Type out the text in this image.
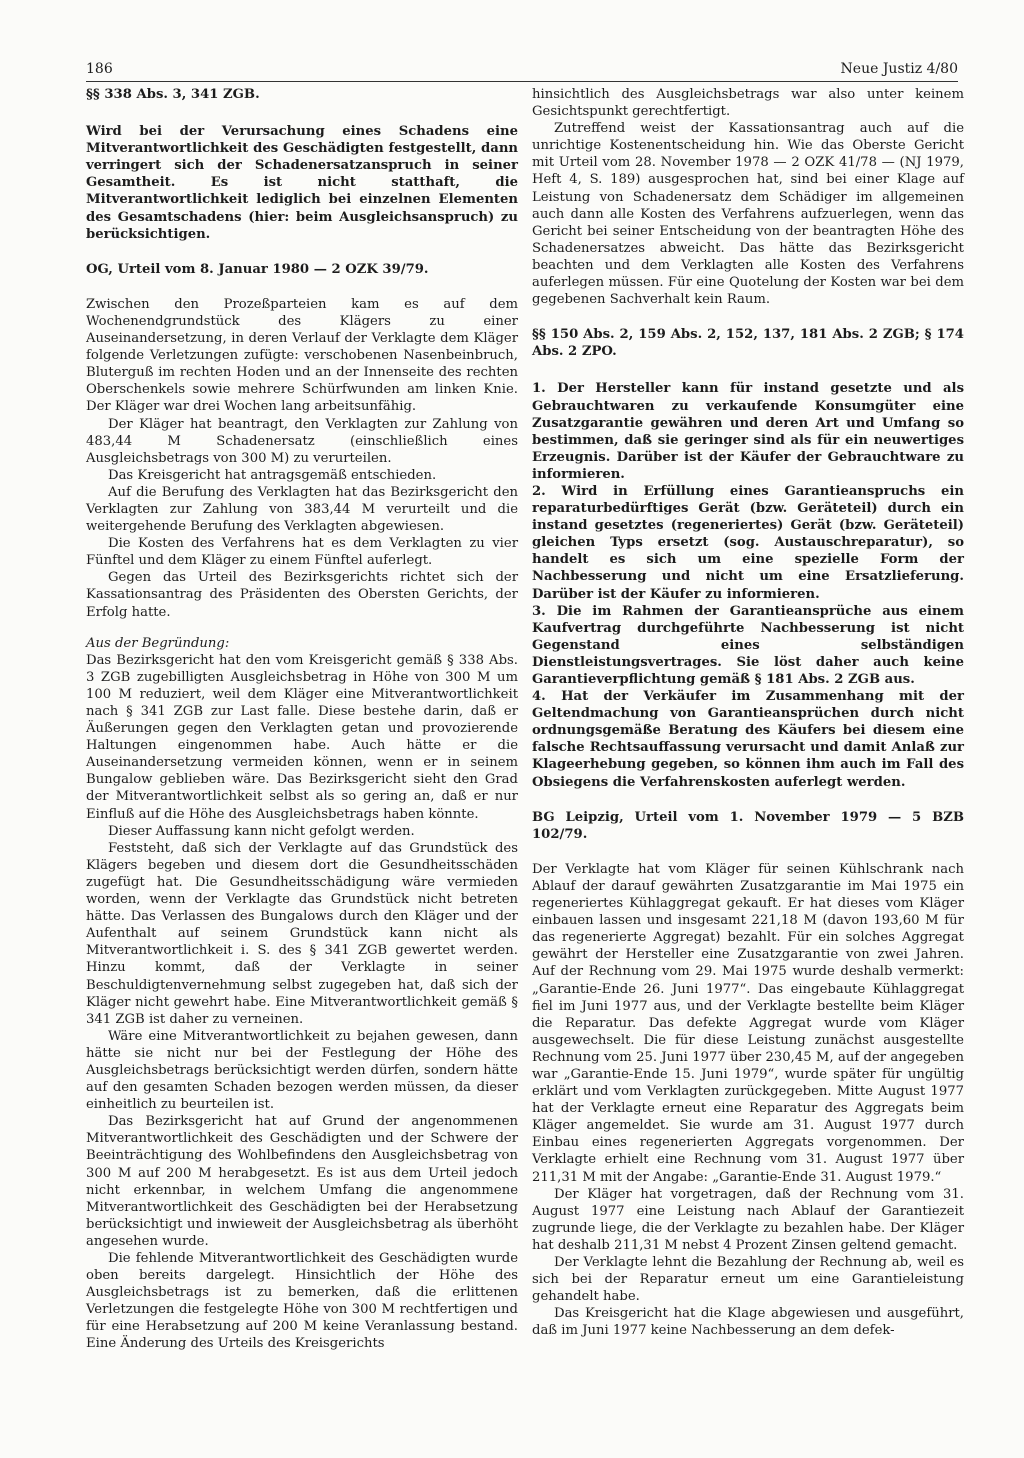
186	Neue Justiz 4/80

§§ 338 Abs. 3, 341 ZGB.

Wird bei der Verursachung eines Schadens eine Mitverantwortlichkeit des Geschädigten festgestellt, dann verringert sich der Schadenersatzanspruch in seiner Gesamtheit. Es ist nicht statthaft, die Mitverantwortlichkeit lediglich bei einzelnen Elementen des Gesamtschadens (hier: beim Ausgleichsanspruch) zu berücksichtigen.

OG, Urteil vom 8. Januar 1980 — 2 OZK 39/79.

Zwischen den Prozeßparteien kam es auf dem Wochenendgrundstück des Klägers zu einer Auseinandersetzung, in deren Verlauf der Verklagte dem Kläger folgende Verletzungen zufügte: verschobenen Nasenbeinbruch, Bluterguß im rechten Hoden und an der Innenseite des rechten Oberschenkels sowie mehrere Schürfwunden am linken Knie. Der Kläger war drei Wochen lang arbeitsunfähig.

Der Kläger hat beantragt, den Verklagten zur Zahlung von 483,44 M Schadenersatz (einschließlich eines Ausgleichsbetrags von 300 M) zu verurteilen.

Das Kreisgericht hat antragsgemäß entschieden.

Auf die Berufung des Verklagten hat das Bezirksgericht den Verklagten zur Zahlung von 383,44 M verurteilt und die weitergehende Berufung des Verklagten abgewiesen.

Die Kosten des Verfahrens hat es dem Verklagten zu vier Fünftel und dem Kläger zu einem Fünftel auferlegt.

Gegen das Urteil des Bezirksgerichts richtet sich der Kassationsantrag des Präsidenten des Obersten Gerichts, der Erfolg hatte.

Aus der Begründung:

Das Bezirksgericht hat den vom Kreisgericht gemäß § 338 Abs. 3 ZGB zugebilligten Ausgleichsbetrag in Höhe von 300 M um 100 M reduziert, weil dem Kläger eine Mitverantwortlichkeit nach § 341 ZGB zur Last falle. Diese bestehe darin, daß er Äußerungen gegen den Verklagten getan und provozierende Haltungen eingenommen habe. Auch hätte er die Auseinandersetzung vermeiden können, wenn er in seinem Bungalow geblieben wäre. Das Bezirksgericht sieht den Grad der Mitverantwortlichkeit selbst als so gering an, daß er nur Einfluß auf die Höhe des Ausgleichsbetrags haben könnte.

Dieser Auffassung kann nicht gefolgt werden.

Feststeht, daß sich der Verklagte auf das Grundstück des Klägers begeben und diesem dort die Gesundheitsschäden zugefügt hat. Die Gesundheitsschädigung wäre vermieden worden, wenn der Verklagte das Grundstück nicht betreten hätte. Das Verlassen des Bungalows durch den Kläger und der Aufenthalt auf seinem Grundstück kann nicht als Mitverantwortlichkeit i. S. des § 341 ZGB gewertet werden. Hinzu kommt, daß der Verklagte in seiner Beschuldigtenvernehmung selbst zugegeben hat, daß sich der Kläger nicht gewehrt habe. Eine Mitverantwortlichkeit gemäß § 341 ZGB ist daher zu verneinen.

Wäre eine Mitverantwortlichkeit zu bejahen gewesen, dann hätte sie nicht nur bei der Festlegung der Höhe des Ausgleichsbetrags berücksichtigt werden dürfen, sondern hätte auf den gesamten Schaden bezogen werden müssen, da dieser einheitlich zu beurteilen ist.

Das Bezirksgericht hat auf Grund der angenommenen Mitverantwortlichkeit des Geschädigten und der Schwere der Beeinträchtigung des Wohlbefindens den Ausgleichsbetrag von 300 M auf 200 M herabgesetzt. Es ist aus dem Urteil jedoch nicht erkennbar, in welchem Umfang die angenommene Mitverantwortlichkeit des Geschädigten bei der Herabsetzung berücksichtigt und inwieweit der Ausgleichsbetrag als überhöht angesehen wurde.

Die fehlende Mitverantwortlichkeit des Geschädigten wurde oben bereits dargelegt. Hinsichtlich der Höhe des Ausgleichsbetrags ist zu bemerken, daß die erlittenen Verletzungen die festgelegte Höhe von 300 M rechtfertigen und für eine Herabsetzung auf 200 M keine Veranlassung bestand. Eine Änderung des Urteils des Kreisgerichts

hinsichtlich des Ausgleichsbetrags war also unter keinem Gesichtspunkt gerechtfertigt.

Zutreffend weist der Kassationsantrag auch auf die unrichtige Kostenentscheidung hin. Wie das Oberste Gericht mit Urteil vom 28. November 1978 — 2 OZK 41/78 — (NJ 1979, Heft 4, S. 189) ausgesprochen hat, sind bei einer Klage auf Leistung von Schadenersatz dem Schädiger im allgemeinen auch dann alle Kosten des Verfahrens aufzuerlegen, wenn das Gericht bei seiner Entscheidung von der beantragten Höhe des Schadenersatzes abweicht. Das hätte das Bezirksgericht beachten und dem Verklagten alle Kosten des Verfahrens auferlegen müssen. Für eine Quotelung der Kosten war bei dem gegebenen Sachverhalt kein Raum.

§§ 150 Abs. 2, 159 Abs. 2, 152, 137, 181 Abs. 2 ZGB; § 174 Abs. 2 ZPO.

1. Der Hersteller kann für instand gesetzte und als Gebrauchtwaren zu verkaufende Konsumgüter eine Zusatzgarantie gewähren und deren Art und Umfang so bestimmen, daß sie geringer sind als für ein neuwertiges Erzeugnis. Darüber ist der Käufer der Gebrauchtware zu informieren.

2. Wird in Erfüllung eines Garantieanspruchs ein reparaturbedürftiges Gerät (bzw. Geräteteil) durch ein instand gesetztes (regeneriertes) Gerät (bzw. Geräteteil) gleichen Typs ersetzt (sog. Austauschreparatur), so handelt es sich um eine spezielle Form der Nachbesserung und nicht um eine Ersatzlieferung. Darüber ist der Käufer zu informieren.

3. Die im Rahmen der Garantieansprüche aus einem Kaufvertrag durchgeführte Nachbesserung ist nicht Gegenstand eines selbständigen Dienstleistungsvertrages. Sie löst daher auch keine Garantieverpflichtung gemäß § 181 Abs. 2 ZGB aus.

4. Hat der Verkäufer im Zusammenhang mit der Geltendmachung von Garantieansprüchen durch nicht ordnungsgemäße Beratung des Käufers bei diesem eine falsche Rechtsauffassung verursacht und damit Anlaß zur Klageerhebung gegeben, so können ihm auch im Fall des Obsiegens die Verfahrenskosten auferlegt werden.

BG Leipzig, Urteil vom 1. November 1979 — 5 BZB 102/79.

Der Verklagte hat vom Kläger für seinen Kühlschrank nach Ablauf der darauf gewährten Zusatzgarantie im Mai 1975 ein regeneriertes Kühlaggregat gekauft. Er hat dieses vom Kläger einbauen lassen und insgesamt 221,18 M (davon 193,60 M für das regenerierte Aggregat) bezahlt. Für ein solches Aggregat gewährt der Hersteller eine Zusatzgarantie von zwei Jahren. Auf der Rechnung vom 29. Mai 1975 wurde deshalb vermerkt: „Garantie-Ende 26. Juni 1977“. Das eingebaute Kühlaggregat fiel im Juni 1977 aus, und der Verklagte bestellte beim Kläger die Reparatur. Das defekte Aggregat wurde vom Kläger ausgewechselt. Die für diese Leistung zunächst ausgestellte Rechnung vom 25. Juni 1977 über 230,45 M, auf der angegeben war „Garantie-Ende 15. Juni 1979“, wurde später für ungültig erklärt und vom Verklagten zurückgegeben. Mitte August 1977 hat der Verklagte erneut eine Reparatur des Aggregats beim Kläger angemeldet. Sie wurde am 31. August 1977 durch Einbau eines regenerierten Aggregats vorgenommen. Der Verklagte erhielt eine Rechnung vom 31. August 1977 über 211,31 M mit der Angabe: „Garantie-Ende 31. August 1979.“

Der Kläger hat vorgetragen, daß der Rechnung vom 31. August 1977 eine Leistung nach Ablauf der Garantiezeit zugrunde liege, die der Verklagte zu bezahlen habe. Der Kläger hat deshalb 211,31 M nebst 4 Prozent Zinsen geltend gemacht.

Der Verklagte lehnt die Bezahlung der Rechnung ab, weil es sich bei der Reparatur erneut um eine Garantieleistung gehandelt habe.

Das Kreisgericht hat die Klage abgewiesen und ausgeführt, daß im Juni 1977 keine Nachbesserung an dem defek-
